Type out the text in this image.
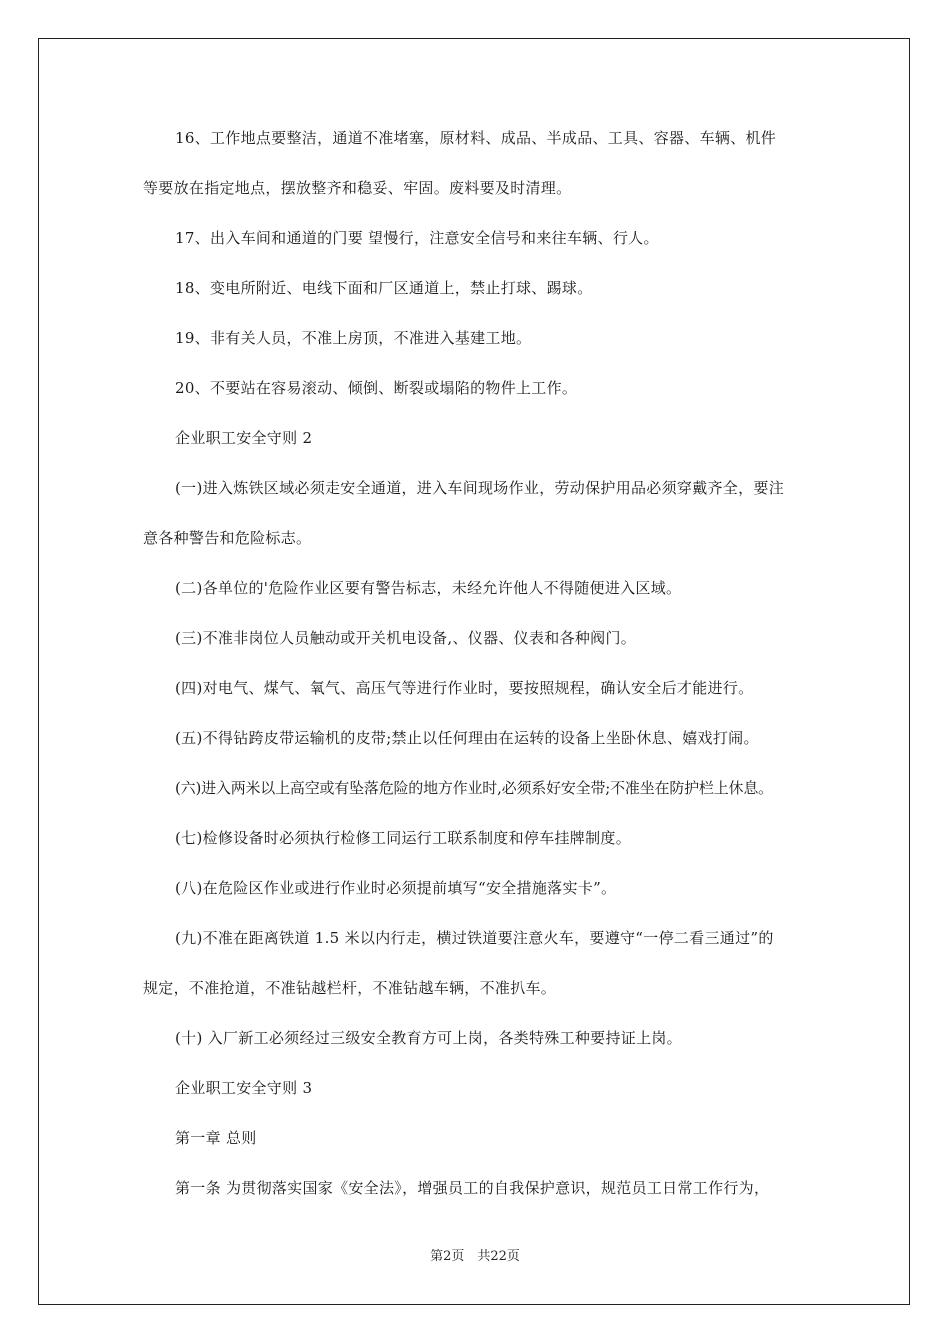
16、工作地点要整洁，通道不准堵塞，原材料、成品、半成品、工具、容器、车辆、机件
等要放在指定地点，摆放整齐和稳妥、牢固。废料要及时清理。
17、出入车间和通道的门要 望慢行，注意安全信号和来往车辆、行人。
18、变电所附近、电线下面和厂区通道上，禁止打球、踢球。
19、非有关人员，不准上房顶，不准进入基建工地。
20、不要站在容易滚动、倾倒、断裂或塌陷的物件上工作。
企业职工安全守则 2
(一)进入炼铁区域必须走安全通道，进入车间现场作业，劳动保护用品必须穿戴齐全，要注
意各种警告和危险标志。
(二)各单位的'危险作业区要有警告标志，未经允许他人不得随便进入区域。
(三)不准非岗位人员触动或开关机电设备,、仪器、仪表和各种阀门。
(四)对电气、煤气、氧气、高压气等进行作业时，要按照规程，确认安全后才能进行。
(五)不得钻跨皮带运输机的皮带;禁止以任何理由在运转的设备上坐卧休息、嬉戏打闹。
(六)进入两米以上高空或有坠落危险的地方作业时,必须系好安全带;不准坐在防护栏上休息。
(七)检修设备时必须执行检修工同运行工联系制度和停车挂牌制度。
(八)在危险区作业或进行作业时必须提前填写“安全措施落实卡”。
(九)不准在距离铁道 1.5 米以内行走，横过铁道要注意火车，要遵守“一停二看三通过”的
规定，不准抢道，不准钻越栏杆，不准钻越车辆，不准扒车。
(十) 入厂新工必须经过三级安全教育方可上岗，各类特殊工种要持证上岗。
企业职工安全守则 3
第一章 总则
第一条 为贯彻落实国家《安全法》，增强员工的自我保护意识，规范员工日常工作行为，
第2页　共22页
